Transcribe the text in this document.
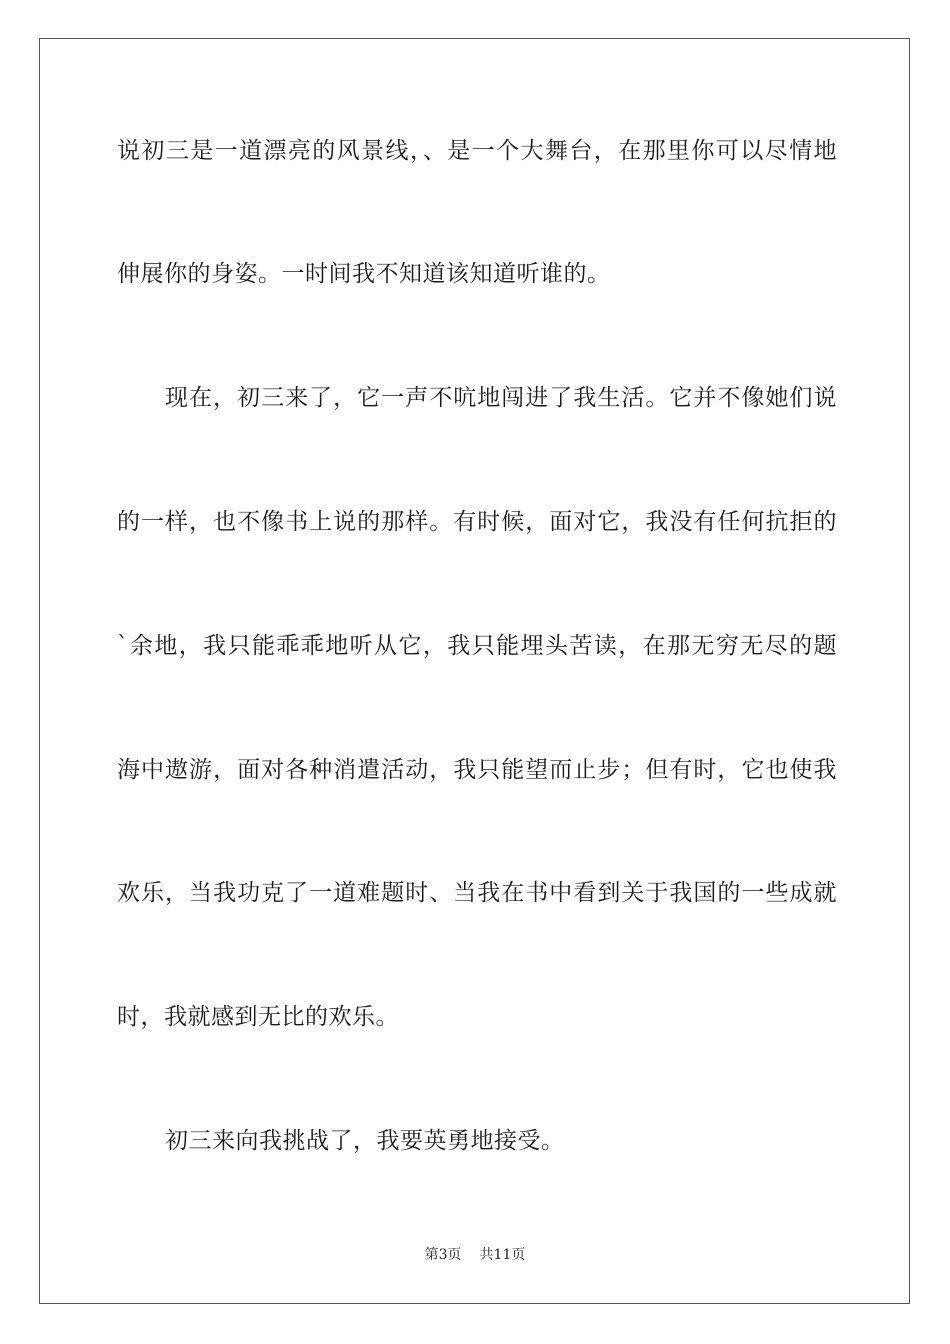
说初三是一道漂亮的风景线，、是一个大舞台，在那里你可以尽情地
伸展你的身姿。一时间我不知道该知道听谁的。
现在，初三来了，它一声不吭地闯进了我生活。它并不像她们说
的一样，也不像书上说的那样。有时候，面对它，我没有任何抗拒的
`余地，我只能乖乖地听从它，我只能埋头苦读，在那无穷无尽的题
海中遨游，面对各种消遣活动，我只能望而止步；但有时，它也使我
欢乐，当我功克了一道难题时、当我在书中看到关于我国的一些成就
时，我就感到无比的欢乐。
初三来向我挑战了，我要英勇地接受。
第3页 共11页
